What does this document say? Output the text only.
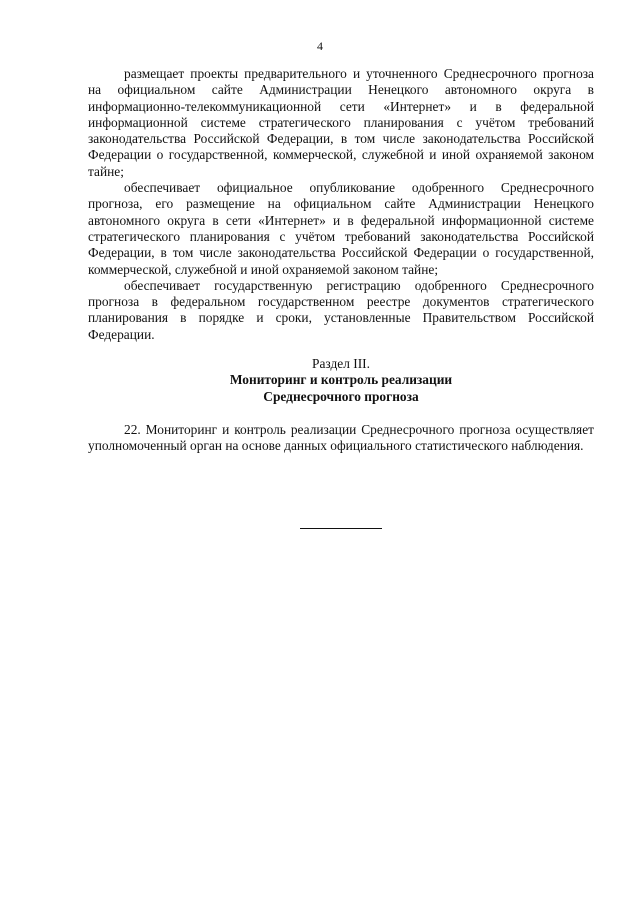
4

размещает проекты предварительного и уточненного Среднесрочного прогноза на официальном сайте Администрации Ненецкого автономного округа в информационно-телекоммуникационной сети «Интернет» и в федеральной информационной системе стратегического планирования с учётом требований законодательства Российской Федерации, в том числе законодательства Российской Федерации о государственной, коммерческой, служебной и иной охраняемой законом тайне;

обеспечивает официальное опубликование одобренного Среднесрочного прогноза, его размещение на официальном сайте Администрации Ненецкого автономного округа в сети «Интернет» и в федеральной информационной системе стратегического планирования с учётом требований законодательства Российской Федерации, в том числе законодательства Российской Федерации о государственной, коммерческой, служебной и иной охраняемой законом тайне;

обеспечивает государственную регистрацию одобренного Среднесрочного прогноза в федеральном государственном реестре документов стратегического планирования в порядке и сроки, установленные Правительством Российской Федерации.

Раздел III.

Мониторинг и контроль реализации

Среднесрочного прогноза

22. Мониторинг и контроль реализации Среднесрочного прогноза осуществляет уполномоченный орган на основе данных официального статистического наблюдения.
